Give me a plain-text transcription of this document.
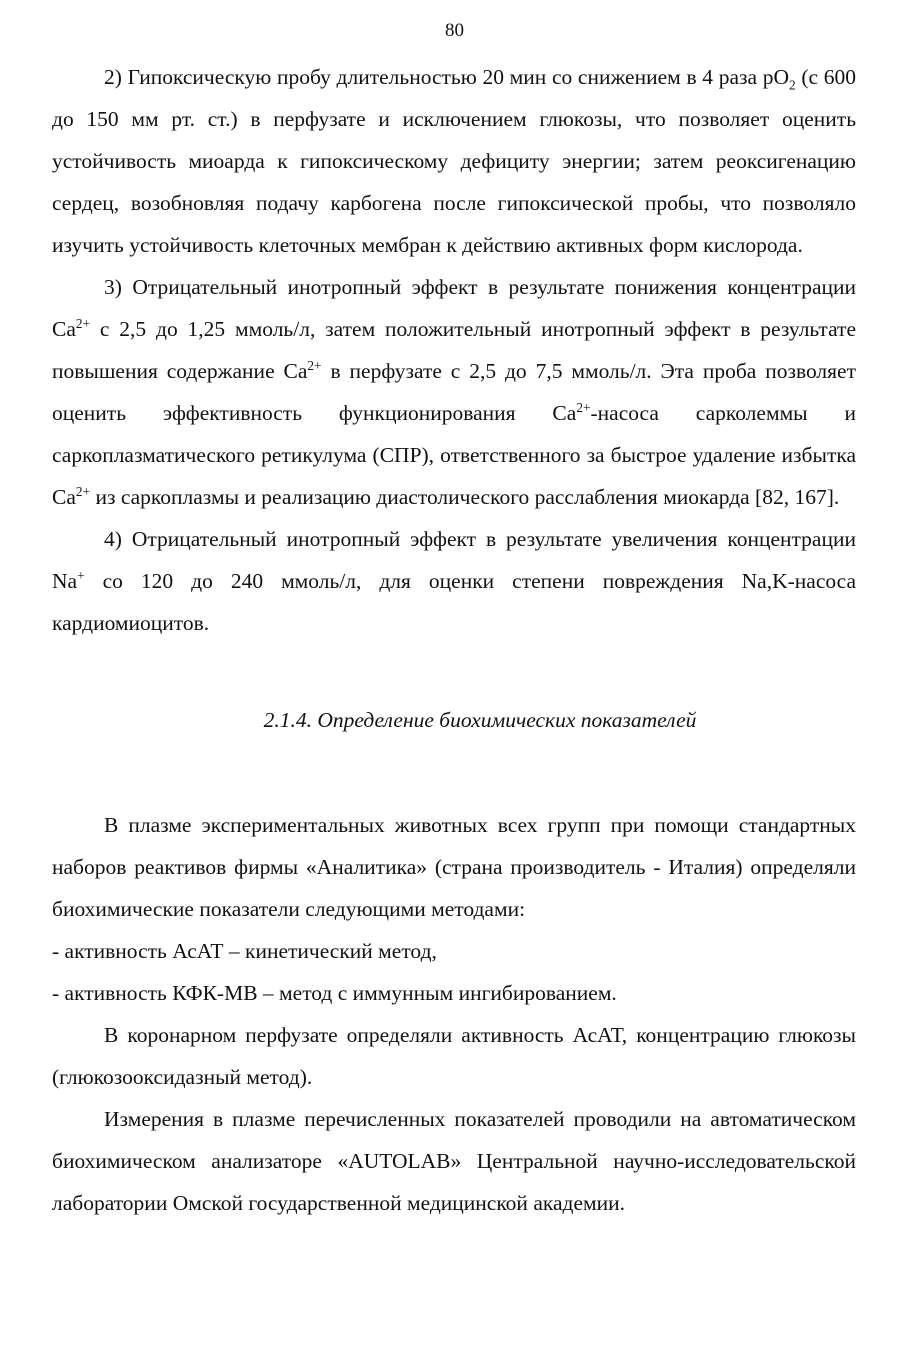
80

2) Гипоксическую пробу длительностью 20 мин со снижением в 4 раза $pO_2$ (с 600 до 150 мм рт. ст.) в перфузате и исключением глюкозы, что позволяет оценить устойчивость миоарда к гипоксическому дефициту энергии; затем реоксигенацию сердец, возобновляя подачу карбогена после гипоксической пробы, что позволяло изучить устойчивость клеточных мембран к действию активных форм кислорода.

3) Отрицательный инотропный эффект в результате понижения концентрации $Ca^{2+}$ с 2,5 до 1,25 ммоль/л, затем положительный инотропный эффект в результате повышения содержание $Ca^{2+}$ в перфузате с 2,5 до 7,5 ммоль/л. Эта проба позволяет оценить эффективность функционирования $Ca^{2+}$-насоса сарколеммы и саркоплазматического ретикулума (СПР), ответственного за быстрое удаление избытка $Ca^{2+}$ из саркоплазмы и реализацию диастолического расслабления миокарда [82, 167].

4) Отрицательный инотропный эффект в результате увеличения концентрации Na+ со 120 до 240 ммоль/л, для оценки степени повреждения Na,K-насоса кардиомиоцитов.

2.1.4. Определение биохимических показателей

В плазме экспериментальных животных всех групп при помощи стандартных наборов реактивов фирмы «Аналитика» (страна производитель - Италия) определяли биохимические показатели следующими методами:

- активность АсАТ – кинетический метод,

- активность КФК-МВ – метод с иммунным ингибированием.

В коронарном перфузате определяли активность АсАТ, концентрацию глюкозы (глюкозооксидазный метод).

Измерения в плазме перечисленных показателей проводили на автоматическом биохимическом анализаторе «AUTOLAB» Центральной научно-исследовательской лаборатории Омской государственной медицинской академии.
